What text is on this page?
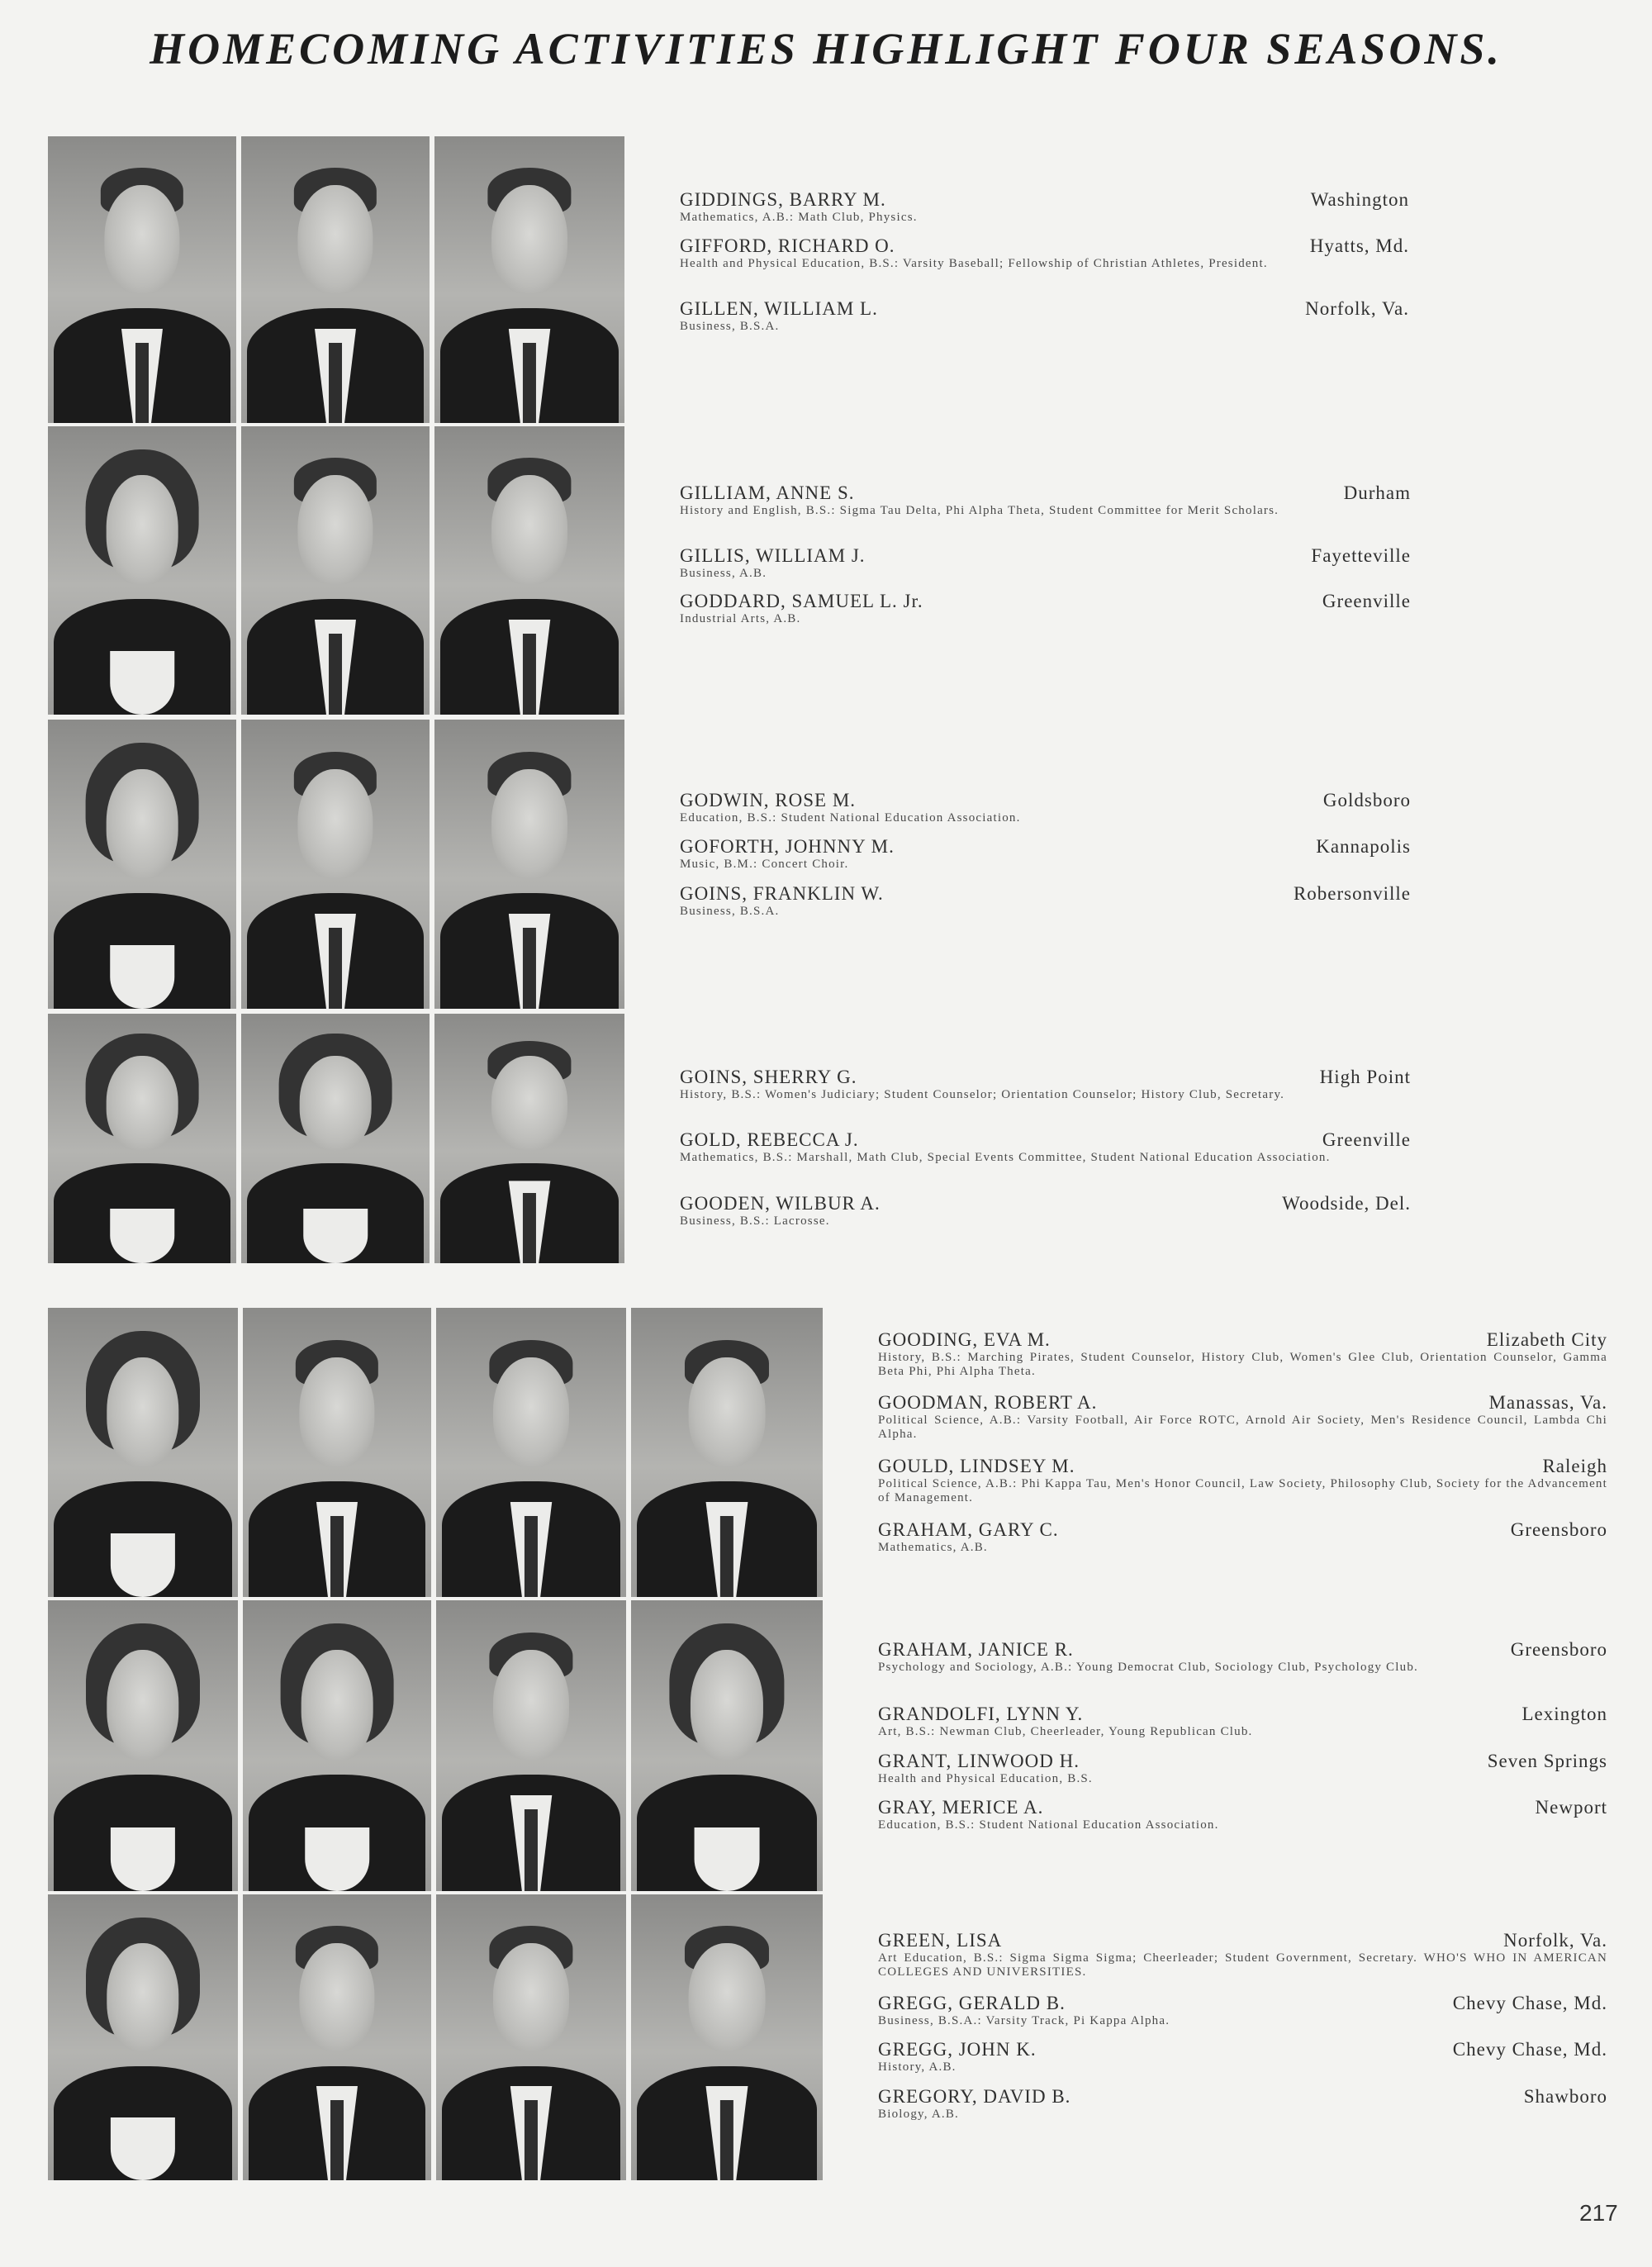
HOMECOMING ACTIVITIES HIGHLIGHT FOUR SEASONS.
GIDDINGS, BARRY M.	Washington
Mathematics, A.B.: Math Club, Physics.
GIFFORD, RICHARD O.	Hyatts, Md.
Health and Physical Education, B.S.: Varsity Baseball; Fellowship of Christian Athletes, President.
GILLEN, WILLIAM L.	Norfolk, Va.
Business, B.S.A.
GILLIAM, ANNE S.	Durham
History and English, B.S.: Sigma Tau Delta, Phi Alpha Theta, Student Committee for Merit Scholars.
GILLIS, WILLIAM J.	Fayetteville
Business, A.B.
GODDARD, SAMUEL L. Jr.	Greenville
Industrial Arts, A.B.
GODWIN, ROSE M.	Goldsboro
Education, B.S.: Student National Education Association.
GOFORTH, JOHNNY M.	Kannapolis
Music, B.M.: Concert Choir.
GOINS, FRANKLIN W.	Robersonville
Business, B.S.A.
GOINS, SHERRY G.	High Point
History, B.S.: Women's Judiciary; Student Counselor; Orientation Counselor; History Club, Secretary.
GOLD, REBECCA J.	Greenville
Mathematics, B.S.: Marshall, Math Club, Special Events Committee, Student National Education Association.
GOODEN, WILBUR A.	Woodside, Del.
Business, B.S.: Lacrosse.
GOODING, EVA M.	Elizabeth City
History, B.S.: Marching Pirates, Student Counselor, History Club, Women's Glee Club, Orientation Counselor, Gamma Beta Phi, Phi Alpha Theta.
GOODMAN, ROBERT A.	Manassas, Va.
Political Science, A.B.: Varsity Football, Air Force ROTC, Arnold Air Society, Men's Residence Council, Lambda Chi Alpha.
GOULD, LINDSEY M.	Raleigh
Political Science, A.B.: Phi Kappa Tau, Men's Honor Council, Law Society, Philosophy Club, Society for the Advancement of Management.
GRAHAM, GARY C.	Greensboro
Mathematics, A.B.
GRAHAM, JANICE R.	Greensboro
Psychology and Sociology, A.B.: Young Democrat Club, Sociology Club, Psychology Club.
GRANDOLFI, LYNN Y.	Lexington
Art, B.S.: Newman Club, Cheerleader, Young Republican Club.
GRANT, LINWOOD H.	Seven Springs
Health and Physical Education, B.S.
GRAY, MERICE A.	Newport
Education, B.S.: Student National Education Association.
GREEN, LISA	Norfolk, Va.
Art Education, B.S.: Sigma Sigma Sigma; Cheerleader; Student Government, Secretary. WHO'S WHO IN AMERICAN COLLEGES AND UNIVERSITIES.
GREGG, GERALD B.	Chevy Chase, Md.
Business, B.S.A.: Varsity Track, Pi Kappa Alpha.
GREGG, JOHN K.	Chevy Chase, Md.
History, A.B.
GREGORY, DAVID B.	Shawboro
Biology, A.B.
217
